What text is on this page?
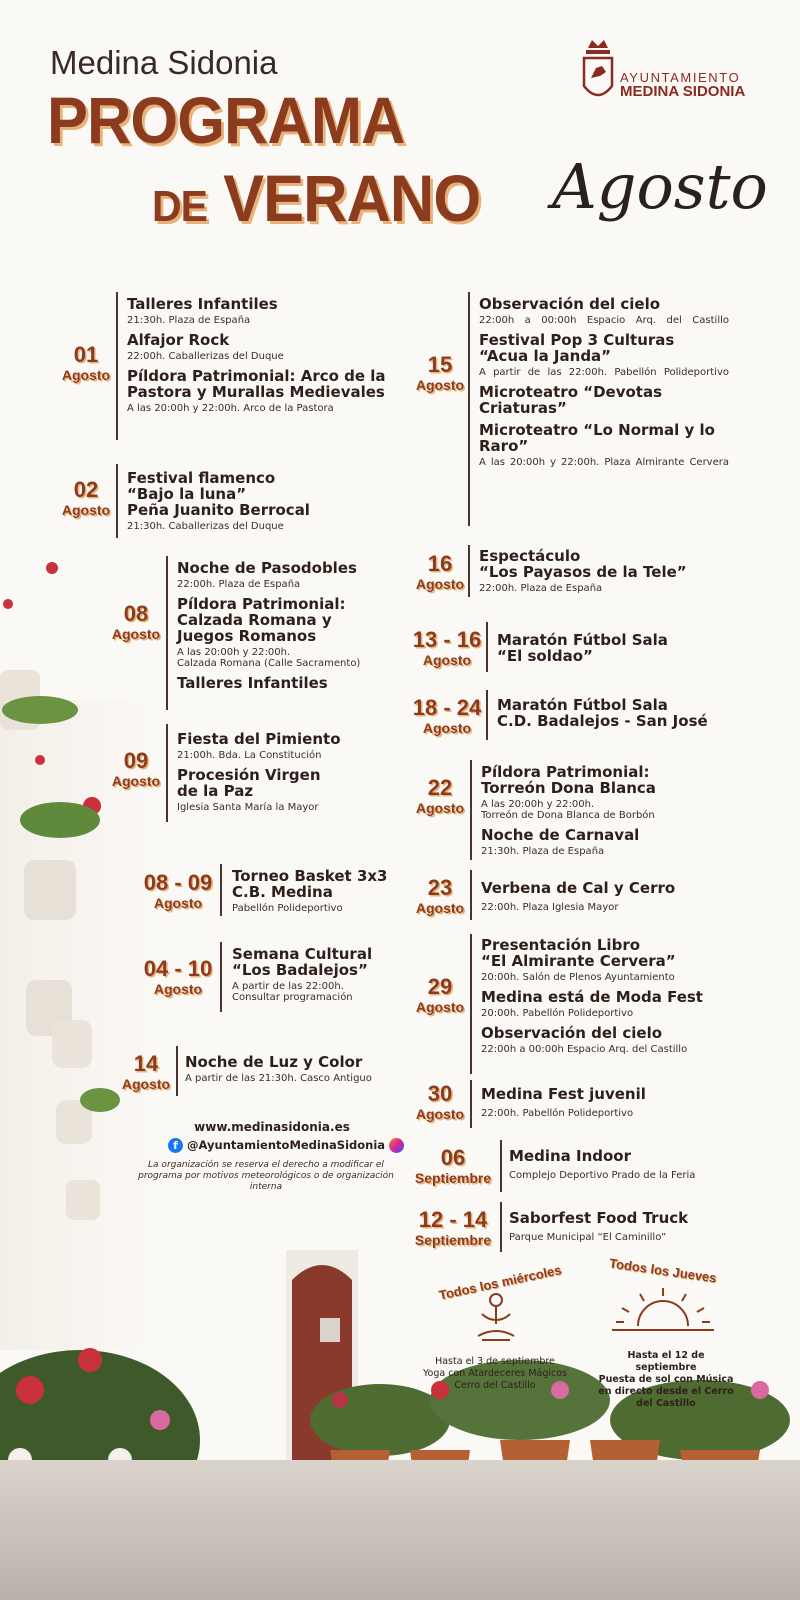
Medina Sidonia
PROGRAMA
DE VERANO Agosto
AYUNTAMIENTO
MEDINA SIDONIA
01
Agosto
Talleres Infantiles
21:30h. Plaza de España
Alfajor Rock
22:00h. Caballerizas del Duque
Píldora Patrimonial: Arco de la Pastora y Murallas Medievales
A las 20:00h y 22:00h. Arco de la Pastora
02
Agosto
Festival flamenco
“Bajo la luna”
Peña Juanito Berrocal
21:30h. Caballerizas del Duque
08
Agosto
Noche de Pasodobles
22:00h. Plaza de España
Píldora Patrimonial:
Calzada Romana y
Juegos Romanos
A las 20:00h y 22:00h.
Calzada Romana (Calle Sacramento)
Talleres Infantiles
09
Agosto
Fiesta del Pimiento
21:00h. Bda. La Constitución
Procesión Virgen
de la Paz
Iglesia Santa María la Mayor
08 - 09
Agosto
Torneo Basket 3x3
C.B. Medina
Pabellón Polideportivo
04 - 10
Agosto
Semana Cultural
“Los Badalejos”
A partir de las 22:00h.
Consultar programación
14
Agosto
Noche de Luz y Color
A partir de las 21:30h. Casco Antiguo
15
Agosto
Observación del cielo
22:00h a 00:00h Espacio Arq. del Castillo
Festival Pop 3 Culturas
“Acua la Janda”
A partir de las 22:00h. Pabellón Polideportivo
Microteatro “Devotas
Criaturas”
Microteatro “Lo Normal y lo
Raro”
A las 20:00h y 22:00h. Plaza Almirante Cervera
16
Agosto
Espectáculo
“Los Payasos de la Tele”
22:00h. Plaza de España
13 - 16
Agosto
Maratón Fútbol Sala
“El soldao”
18 - 24
Agosto
Maratón Fútbol Sala
C.D. Badalejos - San José
22
Agosto
Píldora Patrimonial:
Torreón Dona Blanca
A las 20:00h y 22:00h.
Torreón de Dona Blanca de Borbón
Noche de Carnaval
21:30h. Plaza de España
23
Agosto
Verbena de Cal y Cerro
22:00h. Plaza Iglesia Mayor
29
Agosto
Presentación Libro
“El Almirante Cervera”
20:00h. Salón de Plenos Ayuntamiento
Medina está de Moda Fest
20:00h. Pabellón Polideportivo
Observación del cielo
22:00h a 00:00h Espacio Arq. del Castillo
30
Agosto
Medina Fest juvenil
22:00h. Pabellón Polideportivo
06
Septiembre
Medina Indoor
Complejo Deportivo Prado de la Feria
12 - 14
Septiembre
Saborfest Food Truck
Parque Municipal “El Caminillo”
www.medinasidonia.es
f @AyuntamientoMedinaSidonia
La organización se reserva el derecho a modificar el programa por motivos meteorológicos o de organización interna
Todos los miércoles
Hasta el 3 de septiembre
Yoga con Atardeceres Mágicos
Cerro del Castillo
Todos los Jueves
Hasta el 12 de septiembre
Puesta de sol con Música
en directo desde el Cerro
del Castillo
